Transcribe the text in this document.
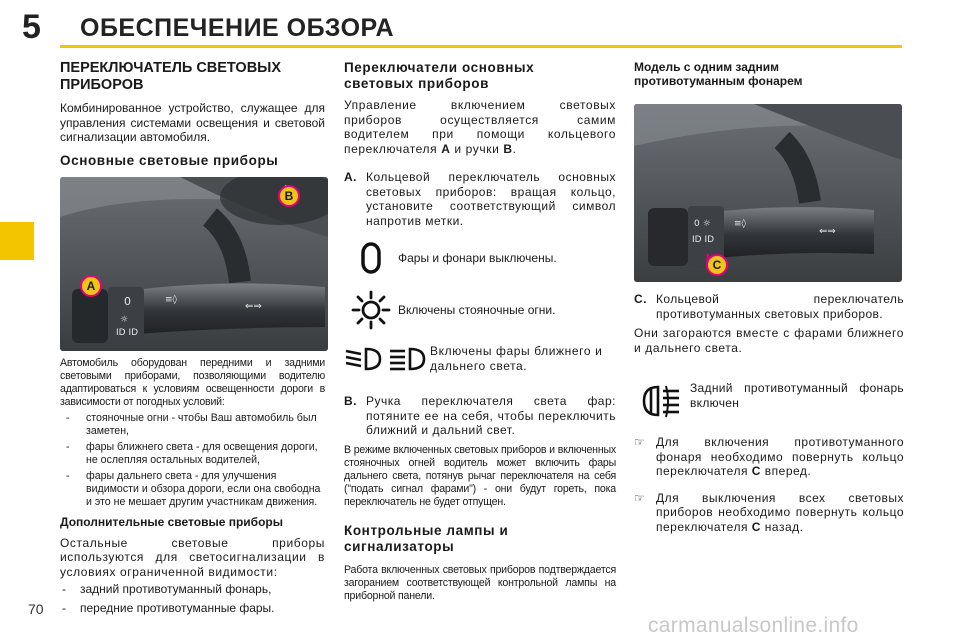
5 ОБЕСПЕЧЕНИЕ ОБЗОРА
ПЕРЕКЛЮЧАТЕЛЬ СВЕТОВЫХ
ПРИБОРОВ
Комбинированное устройство, служащее для управления системами освещения и световой сигнализации автомобиля.
Основные световые приборы
0
☼
ID ID
≡◊
⇐⇒
A
B
Автомобиль оборудован передними и задними световыми приборами, позволяющими водителю адаптироваться к условиям освещенности дороги в зависимости от погодных условий:
-	стояночные огни - чтобы Ваш автомобиль был заметен,
-	фары ближнего света - для освещения дороги, не ослепляя остальных водителей,
-	фары дальнего света - для улучшения видимости и обзора дороги, если она свободна и это не мешает другим участникам движения.
Дополнительные световые приборы
Остальные световые приборы используются для светосигнализации в условиях ограниченной видимости:
-	задний противотуманный фонарь,
-	передние противотуманные фары.
Переключатели основных
световых приборов
Управление включением световых приборов осуществляется самим водителем при помощи кольцевого переключателя A и ручки B.
A. Кольцевой переключатель основных световых приборов: вращая кольцо, установите соответствующий символ напротив метки.
Фары и фонари выключены.
Включены стояночные огни.
Включены фары ближнего и дальнего света.
B. Ручка переключателя света фар: потяните ее на себя, чтобы переключить ближний и дальний свет.
В режиме включенных световых приборов и включенных стояночных огней водитель может включить фары дальнего света, потянув рычаг переключателя на себя ("подать сигнал фарами") - они будут гореть, пока переключатель не будет отпущен.
Контрольные лампы и
сигнализаторы
Работа включенных световых приборов подтверждается загоранием соответствующей контрольной лампы на приборной панели.
Модель с одним задним
противотуманным фонарем
0 ☼
ID ID
≡◊
⇐⇒
C
C. Кольцевой переключатель противотуманных световых приборов.
Они загораются вместе с фарами ближнего и дальнего света.
Задний противотуманный фонарь включен
☞ Для включения противотуманного фонаря необходимо повернуть кольцо переключателя C вперед.
☞ Для выключения всех световых приборов необходимо повернуть кольцо переключателя C назад.
70
carmanualsonline.info
